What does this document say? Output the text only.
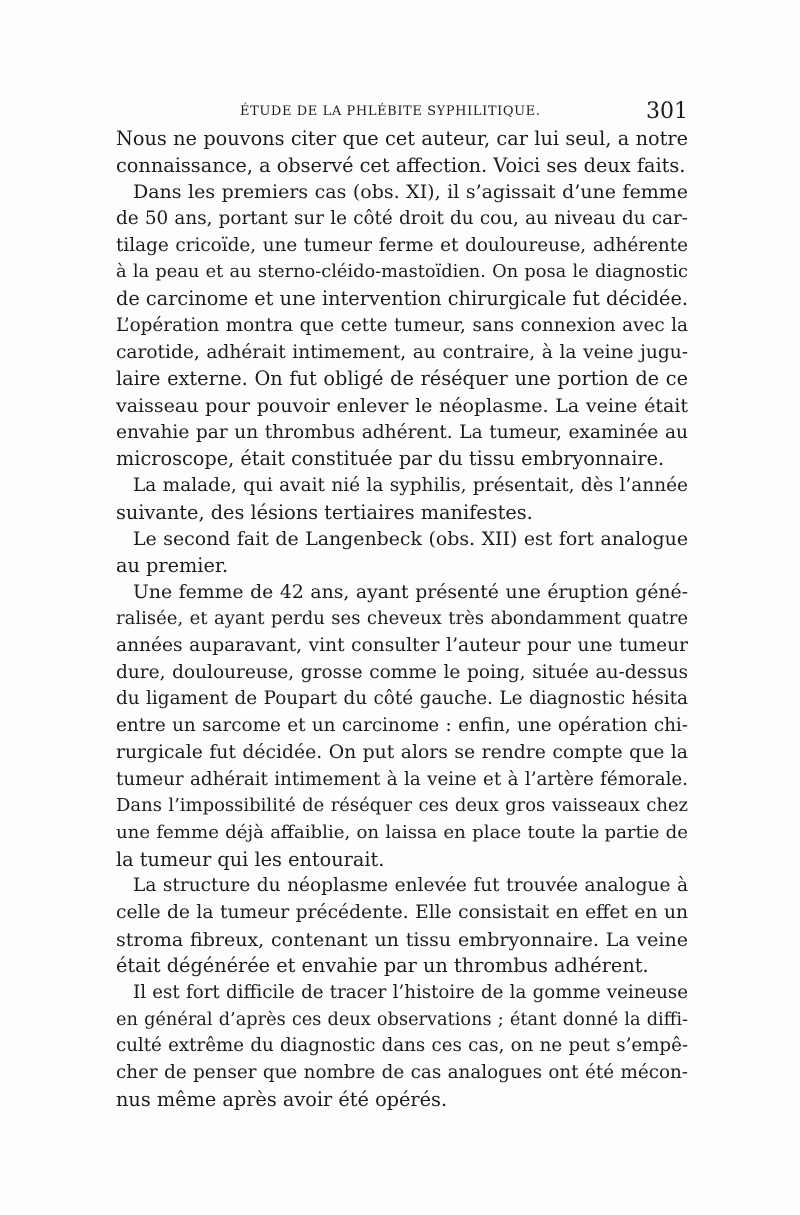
ÉTUDE DE LA PHLÉBITE SYPHILITIQUE.	301

Nous ne pouvons citer que cet auteur, car lui seul, a notre
connaissance, a observé cet affection. Voici ses deux faits.

Dans les premiers cas (obs. XI), il s’agissait d’une femme
de 50 ans, portant sur le côté droit du cou, au niveau du car-
tilage cricoïde, une tumeur ferme et douloureuse, adhérente
à la peau et au sterno-cléido-mastoïdien. On posa le diagnostic
de carcinome et une intervention chirurgicale fut décidée.
L’opération montra que cette tumeur, sans connexion avec la
carotide, adhérait intimement, au contraire, à la veine jugu-
laire externe. On fut obligé de réséquer une portion de ce
vaisseau pour pouvoir enlever le néoplasme. La veine était
envahie par un thrombus adhérent. La tumeur, examinée au
microscope, était constituée par du tissu embryonnaire.

La malade, qui avait nié la syphilis, présentait, dès l’année
suivante, des lésions tertiaires manifestes.

Le second fait de Langenbeck (obs. XII) est fort analogue
au premier.

Une femme de 42 ans, ayant présenté une éruption géné-
ralisée, et ayant perdu ses cheveux très abondamment quatre
années auparavant, vint consulter l’auteur pour une tumeur
dure, douloureuse, grosse comme le poing, située au-dessus
du ligament de Poupart du côté gauche. Le diagnostic hésita
entre un sarcome et un carcinome : enfin, une opération chi-
rurgicale fut décidée. On put alors se rendre compte que la
tumeur adhérait intimement à la veine et à l’artère fémorale.
Dans l’impossibilité de réséquer ces deux gros vaisseaux chez
une femme déjà affaiblie, on laissa en place toute la partie de
la tumeur qui les entourait.

La structure du néoplasme enlevée fut trouvée analogue à
celle de la tumeur précédente. Elle consistait en effet en un
stroma fibreux, contenant un tissu embryonnaire. La veine
était dégénérée et envahie par un thrombus adhérent.

Il est fort difficile de tracer l’histoire de la gomme veineuse
en général d’après ces deux observations ; étant donné la diffi-
culté extrême du diagnostic dans ces cas, on ne peut s’empê-
cher de penser que nombre de cas analogues ont été mécon-
nus même après avoir été opérés.
